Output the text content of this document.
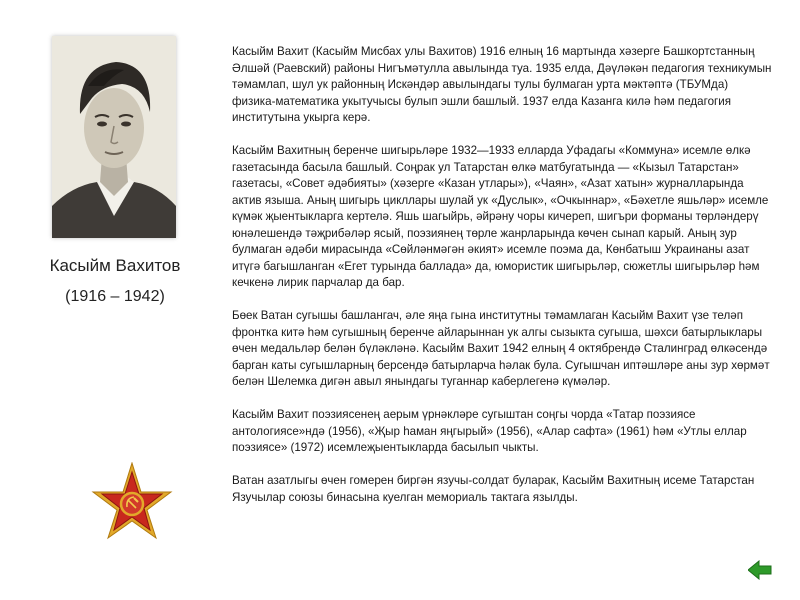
Касыйм Вахитов
(1916 – 1942)

Касыйм Вахит (Касыйм Мисбах улы Вахитов) 1916 елның 16 мартында хәзерге Башкортстанның Әлшәй (Раевский) районы Нигъмәтулла авылында туа. 1935 елда, Дәүләкән педагогия техникумын тәмамлап, шул ук районның Искәндәр авылындагы тулы булмаган урта мәктәптә (ТБУМда) физика-математика укытучысы булып эшли башлый. 1937 елда Казанга килә һәм педагогия институтына укырга керә.

Касыйм Вахитның беренче шигырьләре 1932—1933 елларда Уфадагы «Коммуна» исемле өлкә газетасында басыла башлый. Соңрак ул Татарстан өлкә матбугатында — «Кызыл Татарстан» газетасы, «Совет әдәбияты» (хәзерге «Казан утлары»), «Чаян», «Азат хатын» журналларында актив языша. Аның шигырь цикллары шулай ук «Дуслык», «Очкыннар», «Бәхетле яшьләр» исемле күмәк җыентыкларга кертелә. Яшь шагыйрь, әйрәну чоры кичереп, шигъри форманы төрләндерү юнәлешендә тәҗрибәләр ясый, поэзиянең төрле жанрларында көчен сынап карый. Аның зур булмаган әдәби мирасында «Сөйләнмәгән әкият» исемле поэма да, Көнбатыш Украинаны азат итүгә багышланган «Егет турында баллада» да, юмористик шигырьләр, сюжетлы шигырьләр һәм кечкенә лирик парчалар да бар.

Бөек Ватан сугышы башлангач, әле яңа гына институтны тәмамлаган Касыйм Вахит үзе теләп фронтка китә һәм сугышның беренче айларыннан ук алгы сызыкта сугыша, шәхси батырлыклары өчен медальләр белән бүләкләнә. Касыйм Вахит 1942 елның 4 октябрендә Сталинград өлкәсендә барган каты сугышларның берсендә батырларча һәлак була. Сугышчан иптәшләре аны зур хөрмәт белән Шелемка дигән авыл янындагы туганнар каберлегенә күмәләр.

Касыйм Вахит поэзиясенең аерым үрнәкләре сугыштан соңгы чорда «Татар поэзиясе антологиясе»ндә (1956), «Җыр һаман яңгырый» (1956), «Алар сафта» (1961) һәм «Утлы еллар поэзиясе» (1972) исемлеҗыентыкларда басылып чыкты.

Ватан азатлыгы өчен гомерен биргән язучы-солдат буларак, Касыйм Вахитның исеме Татарстан Язучылар союзы бинасына куелган мемориаль тактага язылды.
